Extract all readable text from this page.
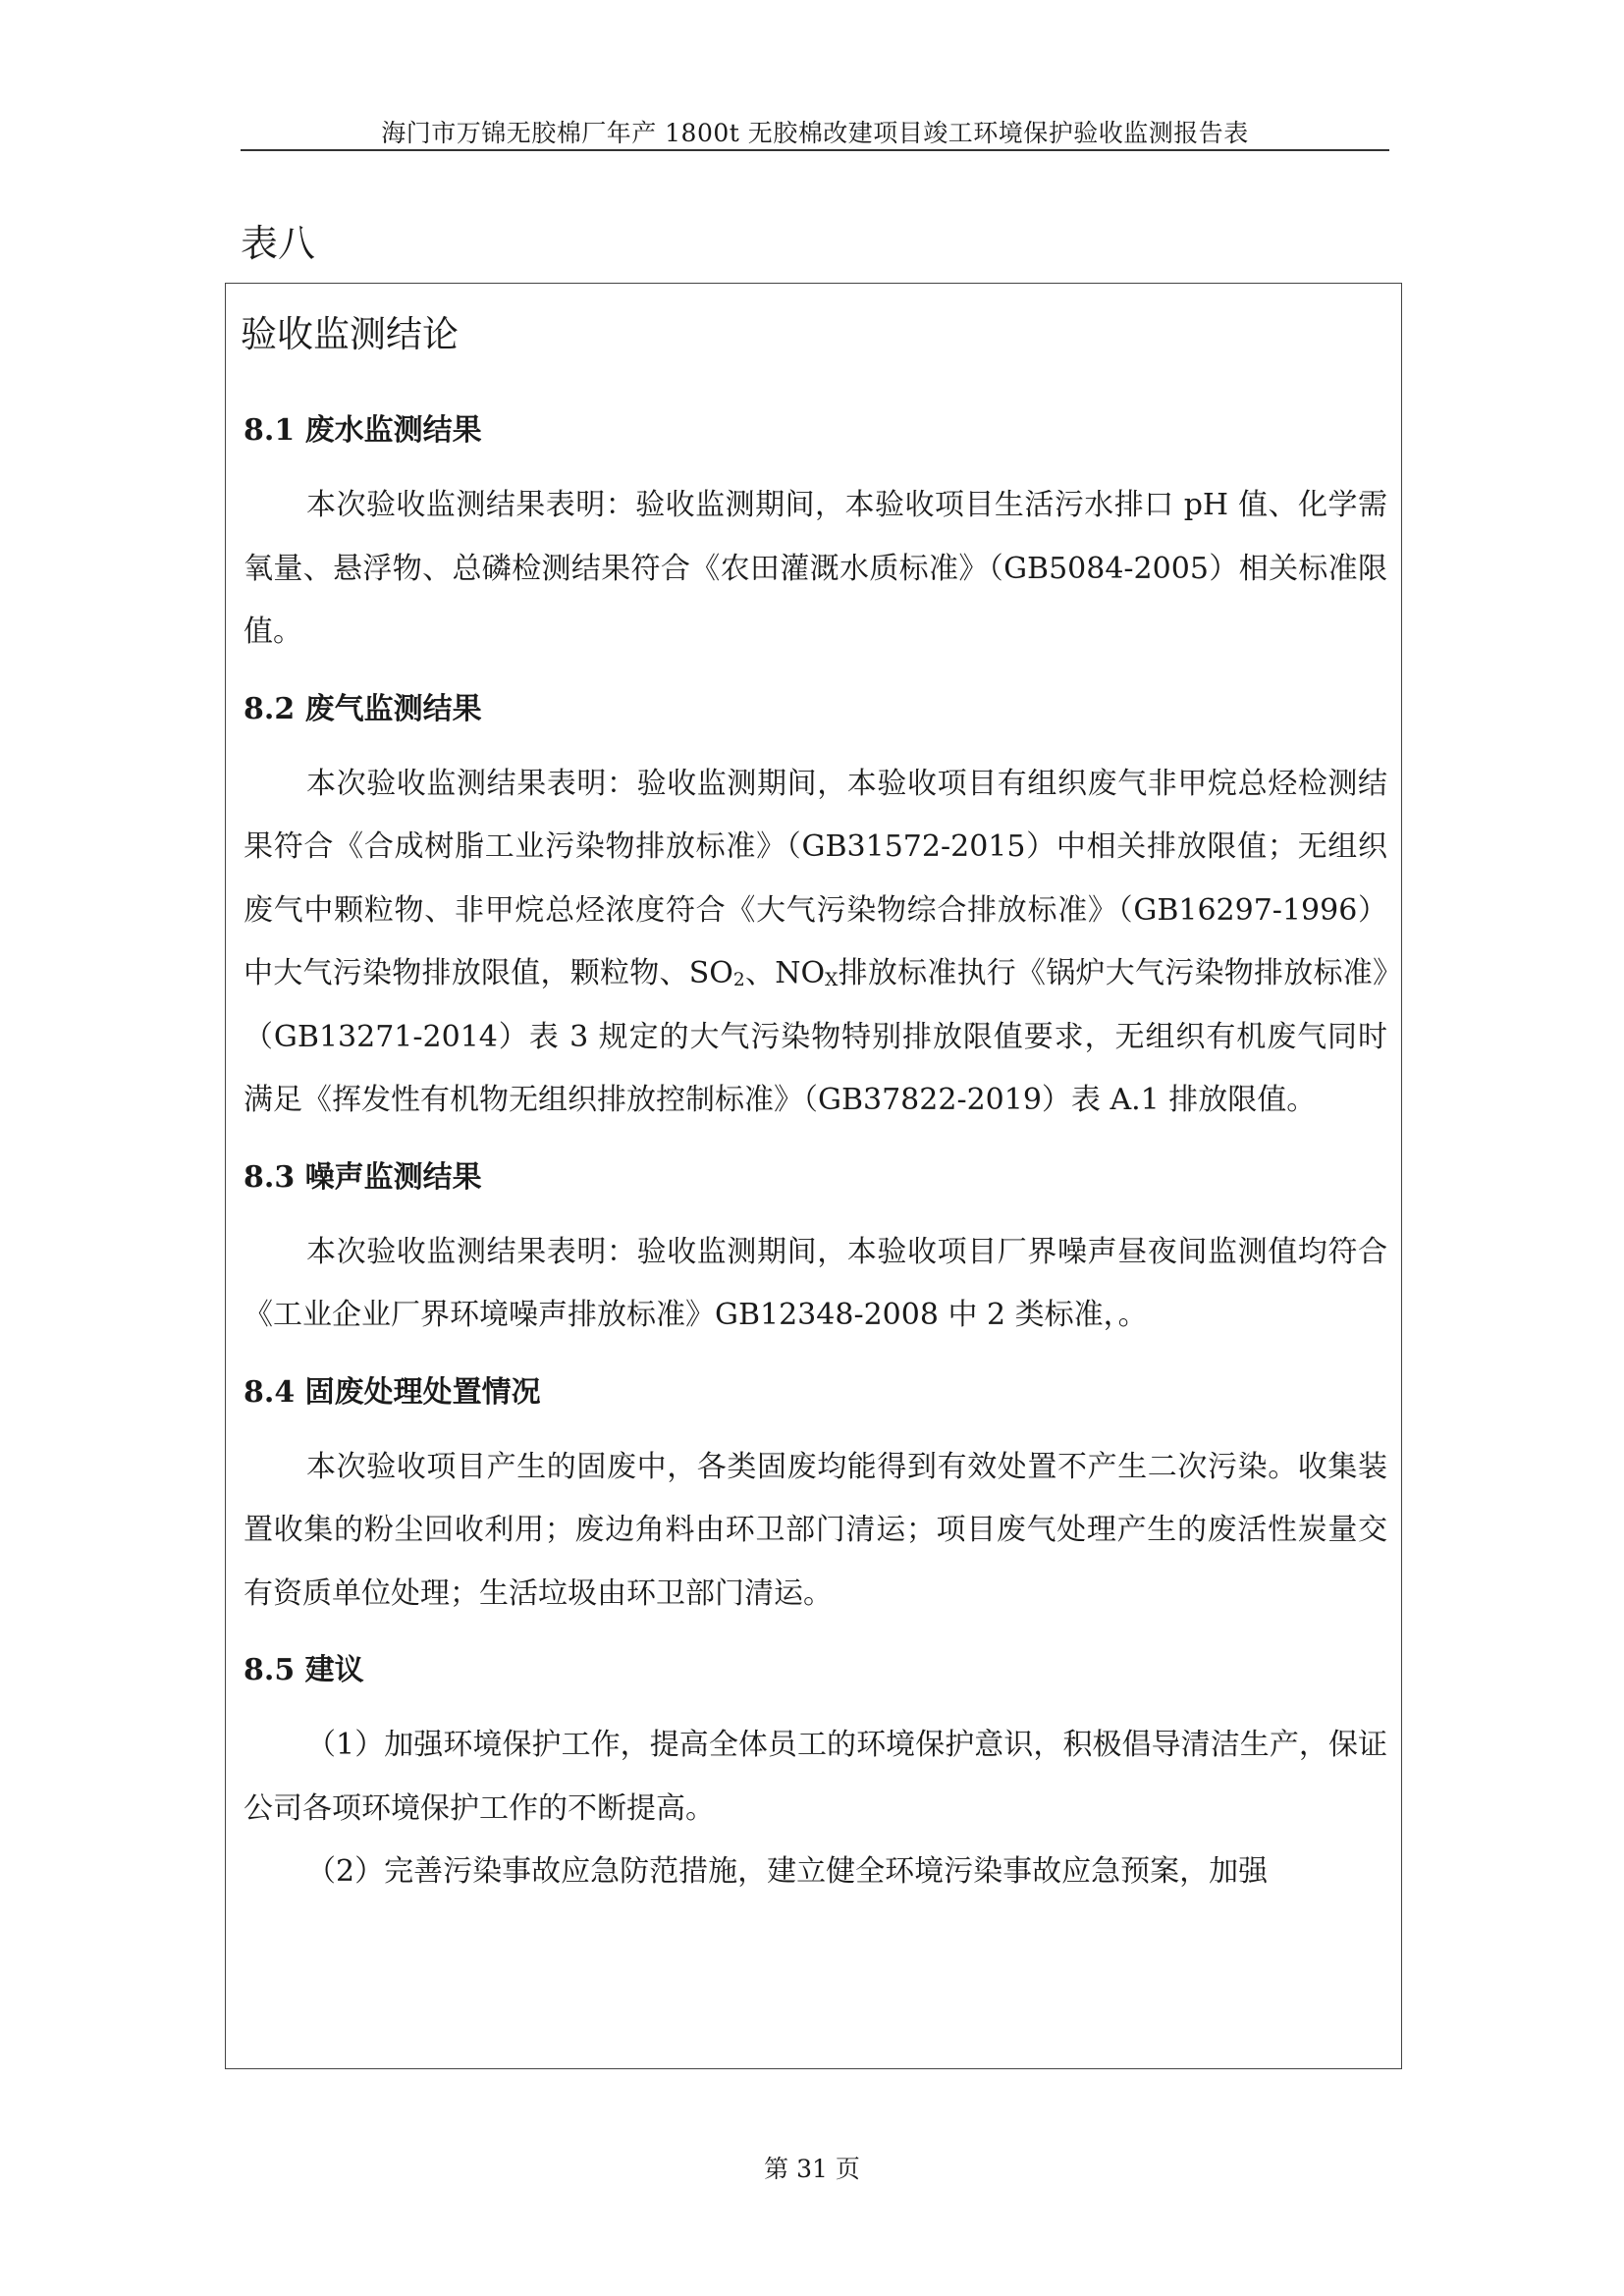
海门市万锦无胶棉厂年产 1800t 无胶棉改建项目竣工环境保护验收监测报告表
表八
验收监测结论
8.1 废水监测结果

本次验收监测结果表明：验收监测期间，本验收项目生活污水排口 pH 值、化学需氧量、悬浮物、总磷检测结果符合《农田灌溉水质标准》（GB5084-2005）相关标准限值。

8.2 废气监测结果

本次验收监测结果表明：验收监测期间，本验收项目有组织废气非甲烷总烃检测结果符合《合成树脂工业污染物排放标准》（GB31572-2015）中相关排放限值；无组织废气中颗粒物、非甲烷总烃浓度符合《大气污染物综合排放标准》（GB16297-1996）中大气污染物排放限值，颗粒物、$SO_2$、$NO_X$排放标准执行《锅炉大气污染物排放标准》（GB13271-2014）表 3 规定的大气污染物特别排放限值要求，无组织有机废气同时满足《挥发性有机物无组织排放控制标准》（GB37822-2019）表 A.1 排放限值。

8.3 噪声监测结果

本次验收监测结果表明：验收监测期间，本验收项目厂界噪声昼夜间监测值均符合《工业企业厂界环境噪声排放标准》GB12348-2008 中 2 类标准，。

8.4 固废处理处置情况

本次验收项目产生的固废中，各类固废均能得到有效处置不产生二次污染。收集装置收集的粉尘回收利用；废边角料由环卫部门清运；项目废气处理产生的废活性炭量交有资质单位处理；生活垃圾由环卫部门清运。

8.5 建议

（1）加强环境保护工作，提高全体员工的环境保护意识，积极倡导清洁生产，保证公司各项环境保护工作的不断提高。

（2）完善污染事故应急防范措施，建立健全环境污染事故应急预案，加强

第 31 页
